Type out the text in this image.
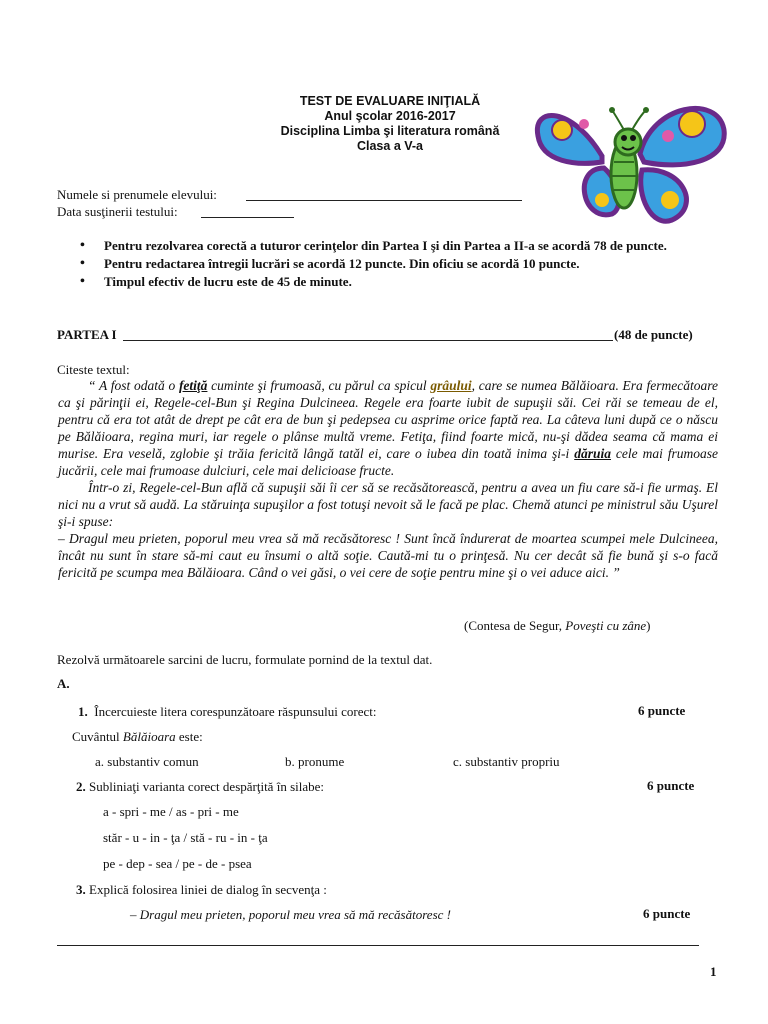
TEST DE EVALUARE INIŢIALĂ
Anul şcolar 2016-2017
Disciplina Limba şi literatura română
Clasa a V-a
Numele si prenumele elevului:
Data susţinerii testului:

• Pentru rezolvarea corectă a tuturor cerinţelor din Partea I şi din Partea a II-a se acordă 78 de puncte.

• Pentru redactarea întregii lucrări se acordă 12 puncte. Din oficiu se acordă 10 puncte.

• Timpul efectiv de lucru este de 45 de minute.

PARTEA I	(48 de puncte)
Citeste textul:

“ A fost odată o fetiţă cuminte şi frumoasă, cu părul ca spicul grâului, care se numea Bălăioara. Era fermecătoare ca şi părinţii ei, Regele-cel-Bun şi Regina Dulcineea. Regele era foarte iubit de supuşii săi. Cei răi se temeau de el, pentru că era tot atât de drept pe cât era de bun şi pedepsea cu asprime orice faptă rea. La câteva luni după ce o născu pe Bălăioara, regina muri, iar regele o plânse multă vreme. Fetiţa, fiind foarte mică, nu-şi dădea seama că mama ei murise. Era veselă, zglobie şi trăia fericită lângă tatăl ei, care o iubea din toată inima şi-i dăruia cele mai frumoase jucării, cele mai frumoase dulciuri, cele mai delicioase fructe.

Într-o zi, Regele-cel-Bun află că supuşii săi îi cer să se recăsătorească, pentru a avea un fiu care să-i fie urmaş. El nici nu a vrut să audă. La stăruinţa supuşilor a fost totuşi nevoit să le facă pe plac. Chemă atunci pe ministrul său Uşurel şi-i spuse:

– Dragul meu prieten, poporul meu vrea să mă recăsătoresc ! Sunt încă îndurerat de moartea scumpei mele Dulcineea, încât nu sunt în stare să-mi caut eu însumi o altă soţie. Caută-mi tu o prinţesă. Nu cer decât să fie bună şi s-o facă fericită pe scumpa mea Bălăioara. Când o vei găsi, o vei cere de soţie pentru mine şi o vei aduce aici. ”

(Contesa de Segur, Poveşti cu zâne)
Rezolvă următoarele sarcini de lucru, formulate pornind de la textul dat.
A.
1. Încercuieste litera corespunzătoare răspunsului corect:	6 puncte
Cuvântul Bălăioara este:
a. substantiv comun	b. pronume	c. substantiv propriu
2. Subliniaţi varianta corect despărţită în silabe:	6 puncte
a - spri - me / as - pri - me
stăr - u - in - ţa / stă - ru - in - ţa
pe - dep - sea / pe - de - psea
3. Explică folosirea liniei de dialog în secvenţa :
– Dragul meu prieten, poporul meu vrea să mă recăsătoresc !	6 puncte
1
